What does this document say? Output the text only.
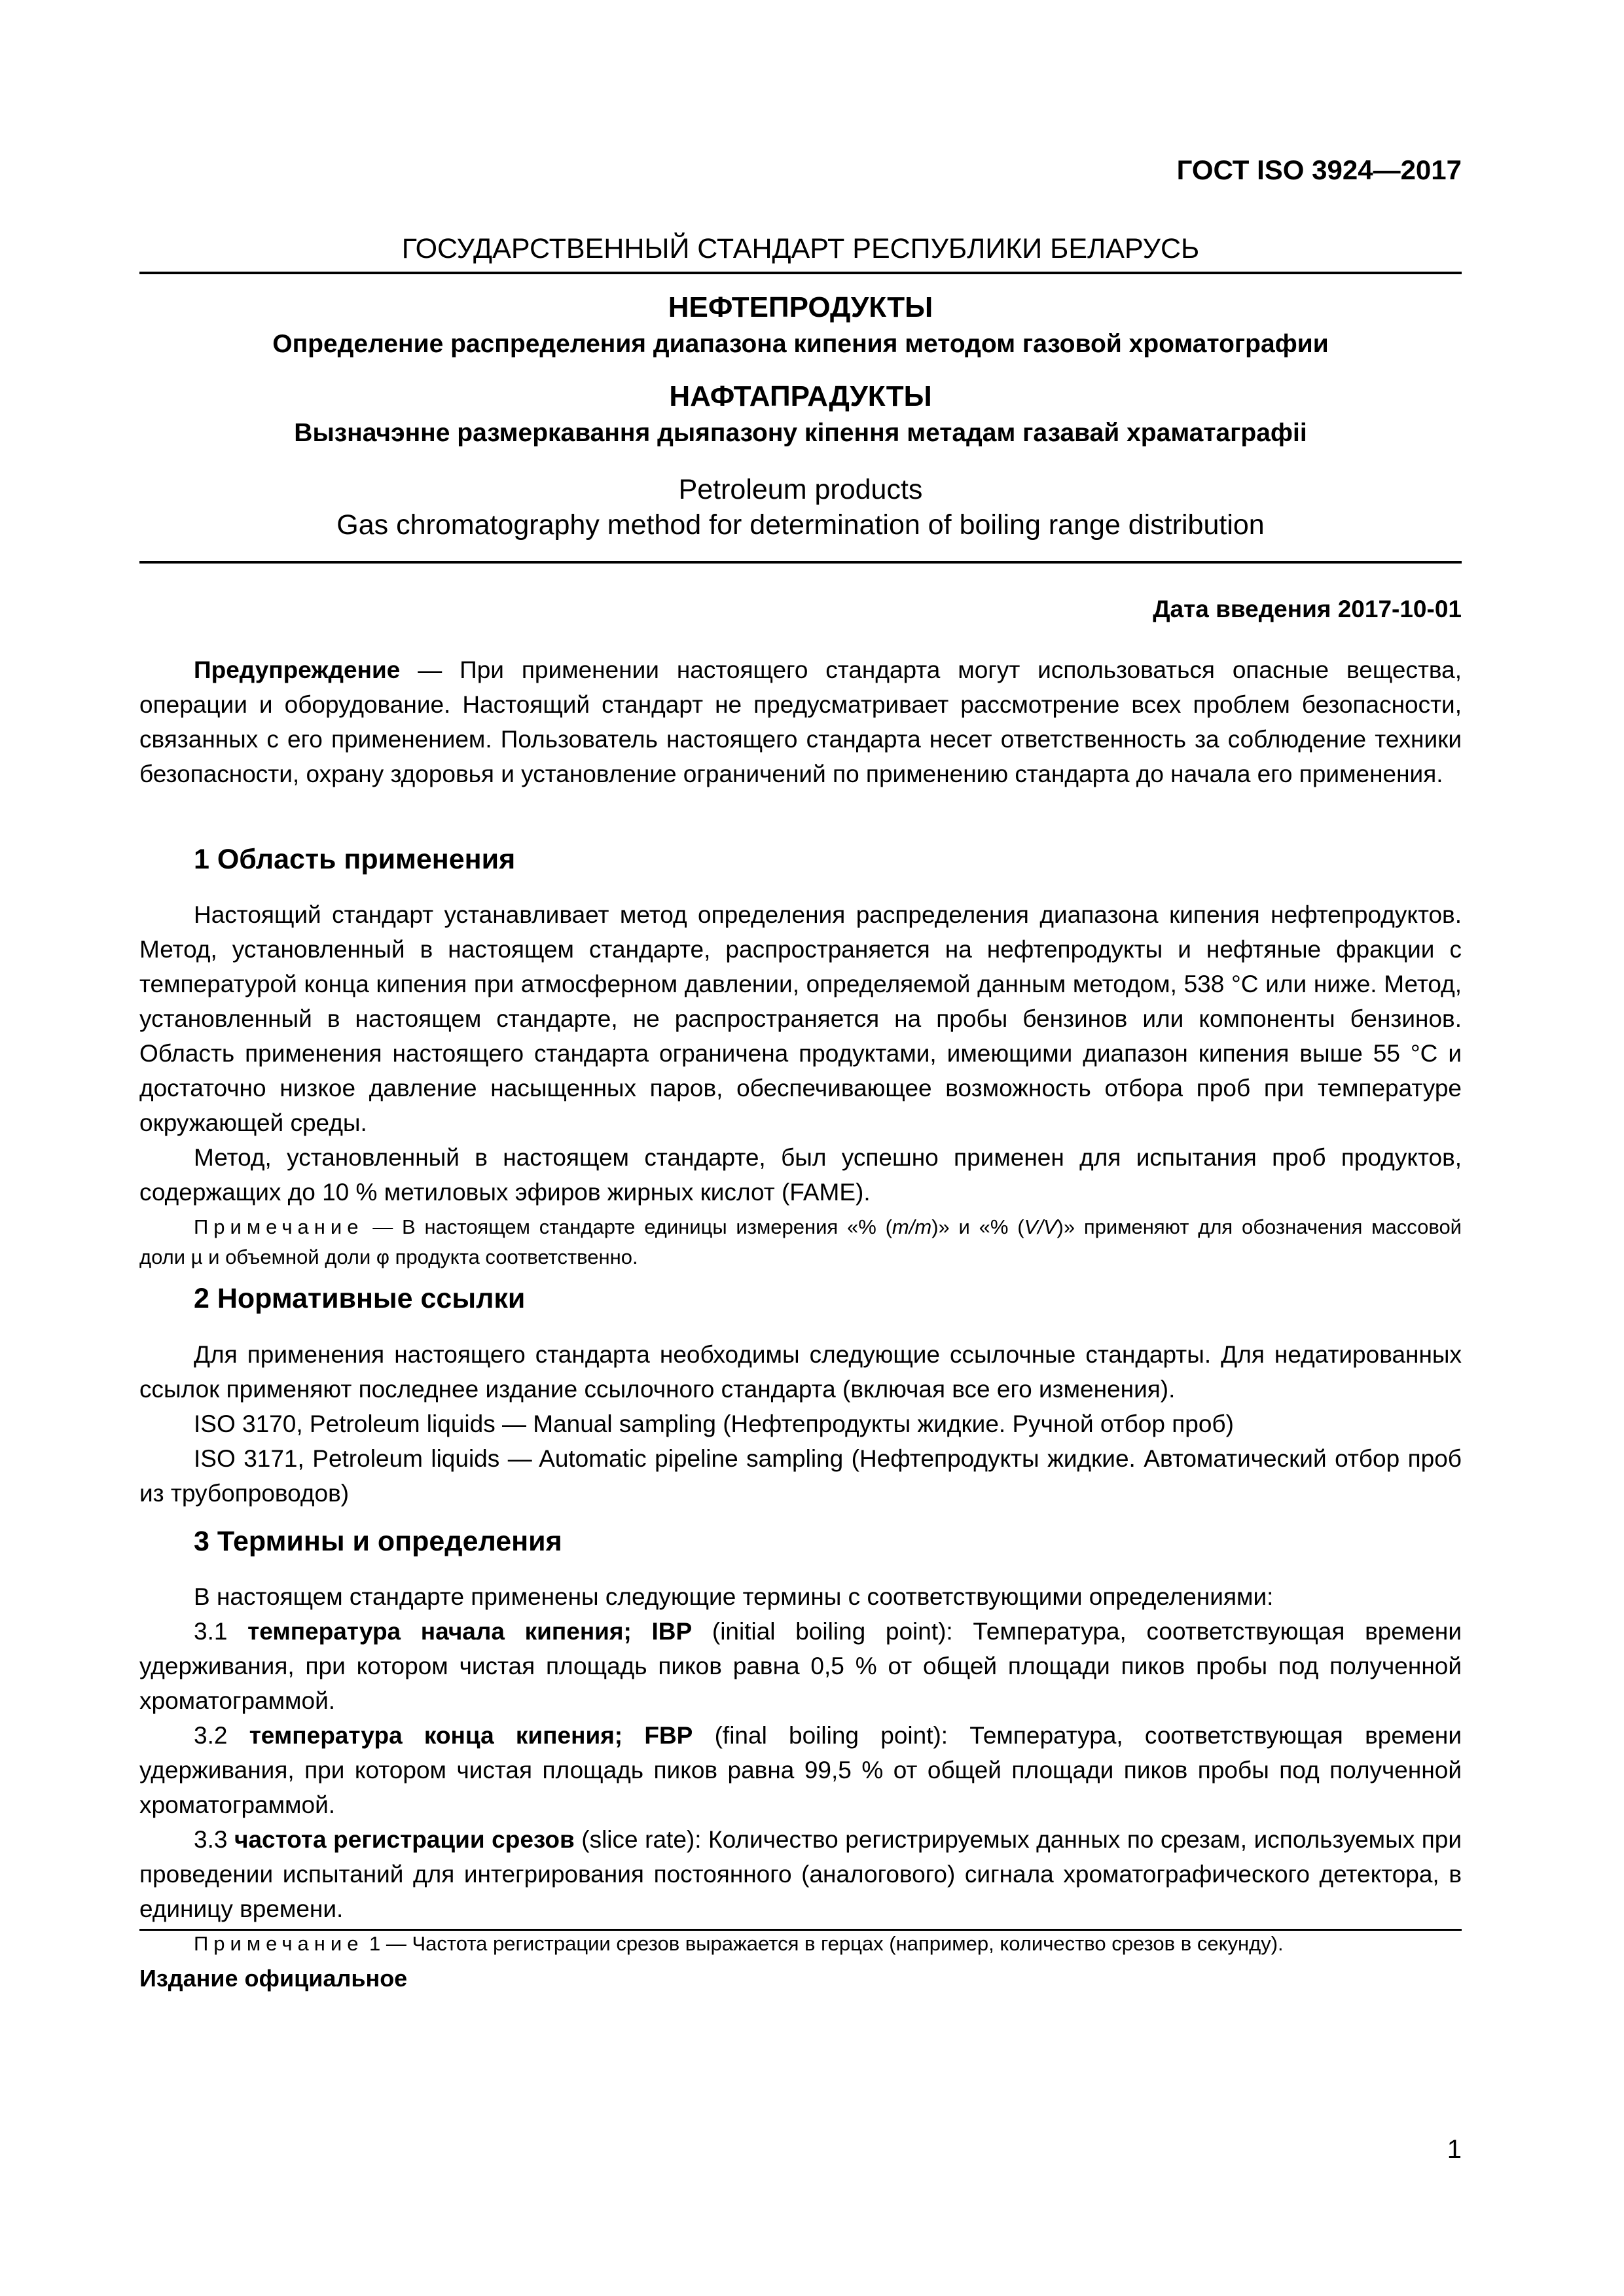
ГОСТ ISO 3924—2017
ГОСУДАРСТВЕННЫЙ СТАНДАРТ РЕСПУБЛИКИ БЕЛАРУСЬ
НЕФТЕПРОДУКТЫ
Определение распределения диапазона кипения методом газовой хроматографии
НАФТАПРАДУКТЫ
Вызначэнне размеркавання дыяпазону кіпення метадам газавай храматаграфіі
Petroleum products
Gas chromatography method for determination of boiling range distribution
Дата введения 2017-10-01

Предупреждение — При применении настоящего стандарта могут использоваться опасные вещества, операции и оборудование. Настоящий стандарт не предусматривает рассмотрение всех проблем безопасности, связанных с его применением. Пользователь настоящего стандарта несет ответственность за соблюдение техники безопасности, охрану здоровья и установление ограничений по применению стандарта до начала его применения.

1 Область применения

Настоящий стандарт устанавливает метод определения распределения диапазона кипения нефтепродуктов. Метод, установленный в настоящем стандарте, распространяется на нефтепродукты и нефтяные фракции с температурой конца кипения при атмосферном давлении, определяемой данным методом, 538 °C или ниже. Метод, установленный в настоящем стандарте, не распространяется на пробы бензинов или компоненты бензинов. Область применения настоящего стандарта ограничена продуктами, имеющими диапазон кипения выше 55 °C и достаточно низкое давление насыщенных паров, обеспечивающее возможность отбора проб при температуре окружающей среды.

Метод, установленный в настоящем стандарте, был успешно применен для испытания проб продуктов, содержащих до 10 % метиловых эфиров жирных кислот (FAME).

Примечание — В настоящем стандарте единицы измерения «% (m/m)» и «% (V/V)» применяют для обозначения массовой доли µ и объемной доли φ продукта соответственно.

2 Нормативные ссылки

Для применения настоящего стандарта необходимы следующие ссылочные стандарты. Для недатированных ссылок применяют последнее издание ссылочного стандарта (включая все его изменения).

ISO 3170, Petroleum liquids — Manual sampling (Нефтепродукты жидкие. Ручной отбор проб)

ISO 3171, Petroleum liquids — Automatic pipeline sampling (Нефтепродукты жидкие. Автоматический отбор проб из трубопроводов)

3 Термины и определения

В настоящем стандарте применены следующие термины с соответствующими определениями:

3.1 температура начала кипения; IBP (initial boiling point): Температура, соответствующая времени удерживания, при котором чистая площадь пиков равна 0,5 % от общей площади пиков пробы под полученной хроматограммой.

3.2 температура конца кипения; FBP (final boiling point): Температура, соответствующая времени удерживания, при котором чистая площадь пиков равна 99,5 % от общей площади пиков пробы под полученной хроматограммой.

3.3 частота регистрации срезов (slice rate): Количество регистрируемых данных по срезам, используемых при проведении испытаний для интегрирования постоянного (аналогового) сигнала хроматографического детектора, в единицу времени.

Примечание 1 — Частота регистрации срезов выражается в герцах (например, количество срезов в секунду).

Издание официальное
1
